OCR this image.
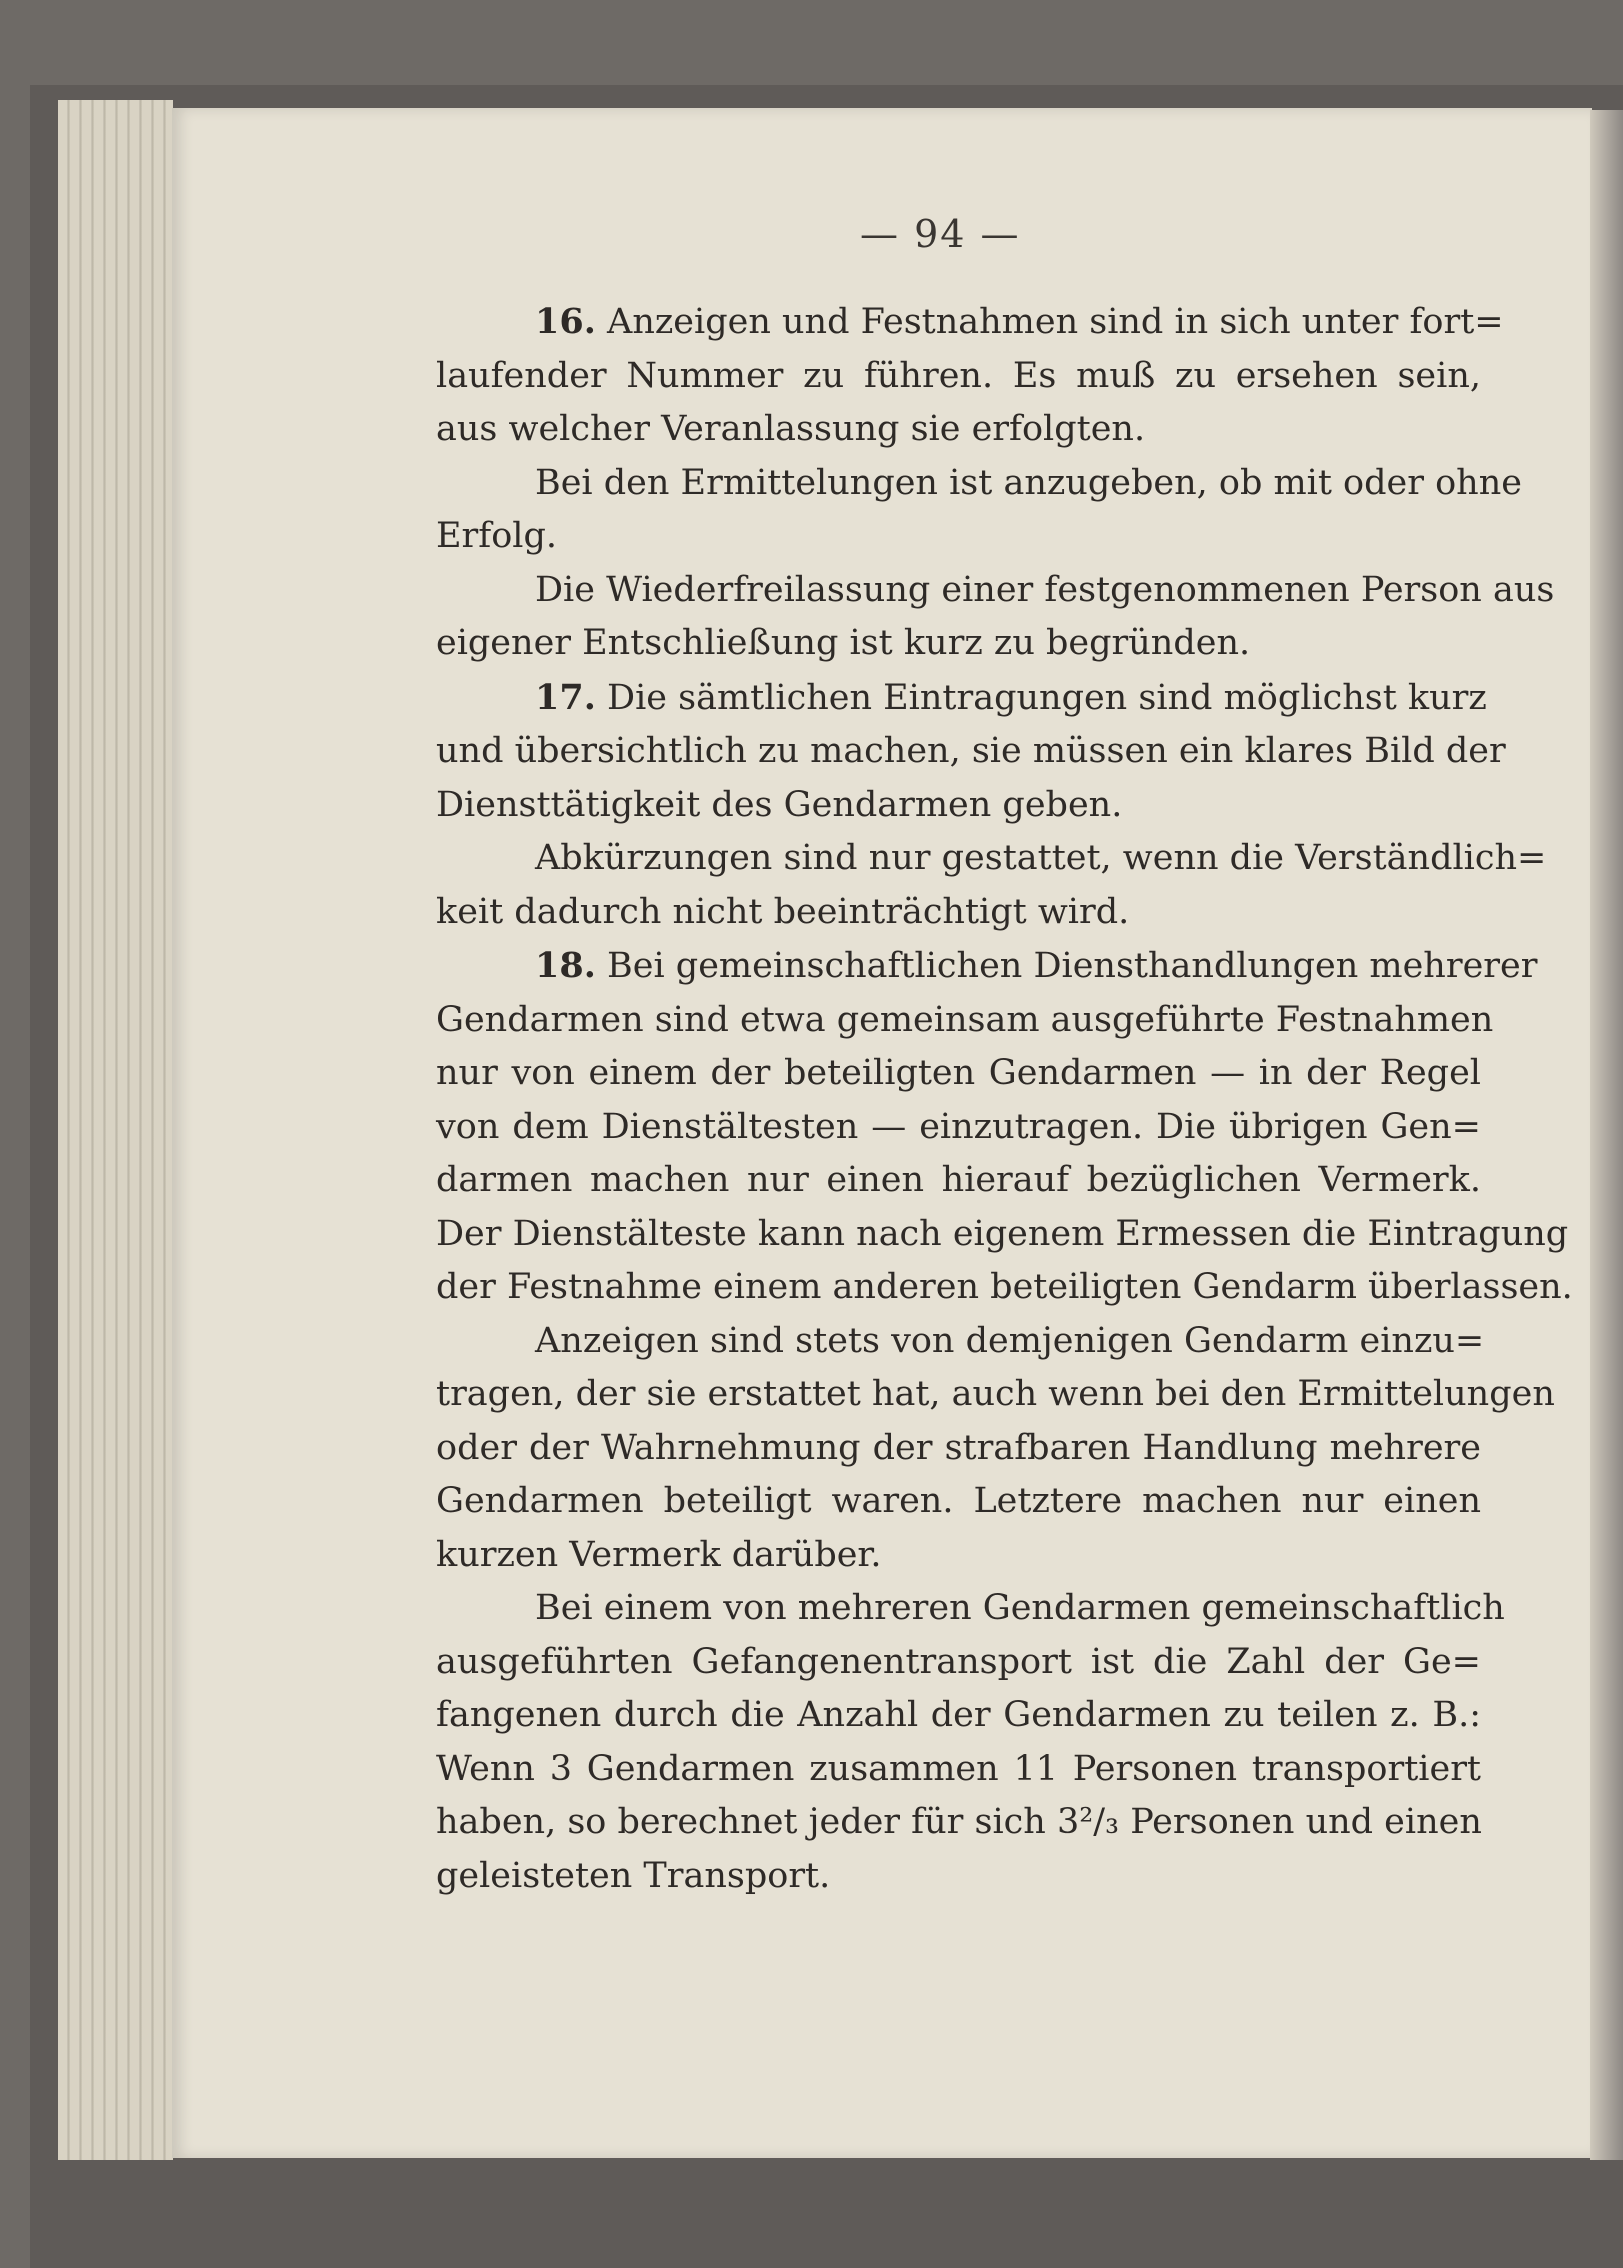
— 94 —

16. Anzeigen und Festnahmen sind in sich unter fort=
laufender Nummer zu führen. Es muß zu ersehen sein,
aus welcher Veranlassung sie erfolgten.

Bei den Ermittelungen ist anzugeben, ob mit oder ohne
Erfolg.

Die Wiederfreilassung einer festgenommenen Person aus
eigener Entschließung ist kurz zu begründen.

17. Die sämtlichen Eintragungen sind möglichst kurz
und übersichtlich zu machen, sie müssen ein klares Bild der
Diensttätigkeit des Gendarmen geben.

Abkürzungen sind nur gestattet, wenn die Verständlich=
keit dadurch nicht beeinträchtigt wird.

18. Bei gemeinschaftlichen Diensthandlungen mehrerer
Gendarmen sind etwa gemeinsam ausgeführte Festnahmen
nur von einem der beteiligten Gendarmen — in der Regel
von dem Dienstältesten — einzutragen. Die übrigen Gen=
darmen machen nur einen hierauf bezüglichen Vermerk.
Der Dienstälteste kann nach eigenem Ermessen die Eintragung
der Festnahme einem anderen beteiligten Gendarm überlassen.

Anzeigen sind stets von demjenigen Gendarm einzu=
tragen, der sie erstattet hat, auch wenn bei den Ermittelungen
oder der Wahrnehmung der strafbaren Handlung mehrere
Gendarmen beteiligt waren. Letztere machen nur einen
kurzen Vermerk darüber.

Bei einem von mehreren Gendarmen gemeinschaftlich
ausgeführten Gefangenentransport ist die Zahl der Ge=
fangenen durch die Anzahl der Gendarmen zu teilen z. B.:
Wenn 3 Gendarmen zusammen 11 Personen transportiert
haben, so berechnet jeder für sich 3²/₃ Personen und einen
geleisteten Transport.
